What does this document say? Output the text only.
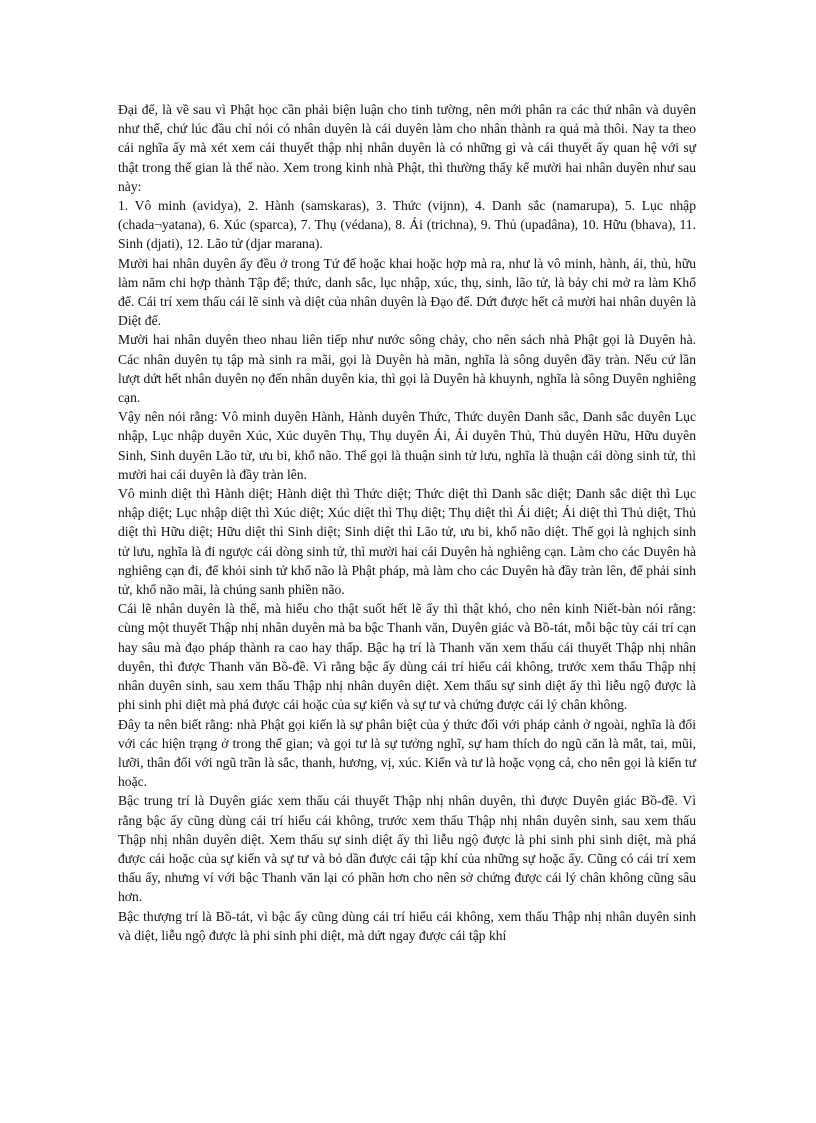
Đại để, là về sau vì Phật học cần phải biện luận cho tinh tường, nên mới phân ra các thứ nhân và duyên như thế, chứ lúc đầu chỉ nói có nhân duyên là cái duyên làm cho nhân thành ra quả mà thôi. Nay ta theo cái nghĩa ấy mà xét xem cái thuyết thập nhị nhân duyên là có những gì và cái thuyết ấy quan hệ với sự thật trong thế gian là thế nào. Xem trong kinh nhà Phật, thì thường thấy kể mười hai nhân duyên như sau này:

1. Vô minh (avidya), 2. Hành (samskaras), 3. Thức (vijnn), 4. Danh sắc (namarupa), 5. Lục nhập (chada¬yatana), 6. Xúc (sparca), 7. Thụ (védana), 8. Ái (trichna), 9. Thủ (upadâna), 10. Hữu (bhava), 11. Sinh (djati), 12. Lão tử (djar marana).

Mười hai nhân duyên ấy đều ở trong Tứ đế hoặc khai hoặc hợp mà ra, như là vô minh, hành, ái, thủ, hữu làm năm chi hợp thành Tập đế; thức, danh sắc, lục nhập, xúc, thụ, sinh, lão tử, là bảy chi mở ra làm Khổ đế. Cái trí xem thấu cái lẽ sinh và diệt của nhân duyên là Đạo đế. Dứt được hết cả mười hai nhân duyên là Diệt đế.

Mười hai nhân duyên theo nhau liên tiếp như nước sông chảy, cho nên sách nhà Phật gọi là Duyên hà. Các nhân duyên tụ tập mà sinh ra mãi, gọi là Duyên hà mãn, nghĩa là sông duyên đầy tràn. Nếu cứ lần lượt dứt hết nhân duyên nọ đến nhân duyên kia, thì gọi là Duyên hà khuynh, nghĩa là sông Duyên nghiêng cạn.

Vậy nên nói rằng: Vô minh duyên Hành, Hành duyên Thức, Thức duyên Danh sắc, Danh sắc duyên Lục nhập, Lục nhập duyên Xúc, Xúc duyên Thụ, Thụ duyên Ái, Ái duyên Thủ, Thủ duyên Hữu, Hữu duyên Sinh, Sinh duyên Lão tử, ưu bi, khổ não. Thế gọi là thuận sinh tử lưu, nghĩa là thuận cái dòng sinh tử, thì mười hai cái duyên là đầy tràn lên.

Vô minh diệt thì Hành diệt; Hành diệt thì Thức diệt; Thức diệt thì Danh sắc diệt; Danh sắc diệt thì Lục nhập diệt; Lục nhập diệt thì Xúc diệt; Xúc diệt thì Thụ diệt; Thụ diệt thì Ái diệt; Ái diệt thì Thủ diệt, Thủ diệt thì Hữu diệt; Hữu diệt thì Sinh diệt; Sinh diệt thì Lão tử, ưu bi, khổ não diệt. Thế gọi là nghịch sinh tử lưu, nghĩa là đi ngược cái dòng sinh tử, thì mười hai cái Duyên hà nghiêng cạn. Làm cho các Duyên hà nghiêng cạn đi, để khỏi sinh tử khổ não là Phật pháp, mà làm cho các Duyên hà đầy tràn lên, để phải sinh tử, khổ não mãi, là chúng sanh phiền não.

Cái lẽ nhân duyên là thế, mà hiểu cho thật suốt hết lẽ ấy thì thật khó, cho nên kinh Niết-bàn nói rằng: cùng một thuyết Thập nhị nhân duyên mà ba bậc Thanh văn, Duyên giác và Bồ-tát, mỗi bậc tùy cái trí cạn hay sâu mà đạo pháp thành ra cao hay thấp. Bậc hạ trí là Thanh văn xem thấu cái thuyết Thập nhị nhân duyên, thì được Thanh văn Bồ-đề. Vì rằng bậc ấy dùng cái trí hiểu cái không, trước xem thấu Thập nhị nhân duyên sinh, sau xem thấu Thập nhị nhân duyên diệt. Xem thấu sự sinh diệt ấy thì liễu ngộ được là phi sinh phi diệt mà phá được cái hoặc của sự kiến và sự tư và chứng được cái lý chân không.

Đây ta nên biết rằng: nhà Phật gọi kiến là sự phân biệt của ý thức đối với pháp cảnh ở ngoài, nghĩa là đối với các hiện trạng ở trong thế gian; và gọi tư là sự tưởng nghĩ, sự ham thích do ngũ căn là mắt, tai, mũi, lưỡi, thân đối với ngũ trần là sắc, thanh, hương, vị, xúc. Kiến và tư là hoặc vọng cả, cho nên gọi là kiến tư hoặc.

Bậc trung trí là Duyên giác xem thấu cái thuyết Thập nhị nhân duyên, thì được Duyên giác Bồ-đề. Vì rằng bậc ấy cũng dùng cái trí hiểu cái không, trước xem thấu Thập nhị nhân duyên sinh, sau xem thấu Thập nhị nhân duyên diệt. Xem thấu sự sinh diệt ấy thì liễu ngộ được là phi sinh phi sinh diệt, mà phá được cái hoặc của sự kiến và sự tư và bỏ dần được cái tập khí của những sự hoặc ấy. Cũng có cái trí xem thấu ấy, nhưng ví với bậc Thanh văn lại có phần hơn cho nên sở chứng được cái lý chân không cũng sâu hơn.

Bậc thượng trí là Bồ-tát, vì bậc ấy cũng dùng cái trí hiểu cái không, xem thấu Thập nhị nhân duyên sinh và diệt, liễu ngộ được là phi sinh phi diệt, mà dứt ngay được cái tập khí
